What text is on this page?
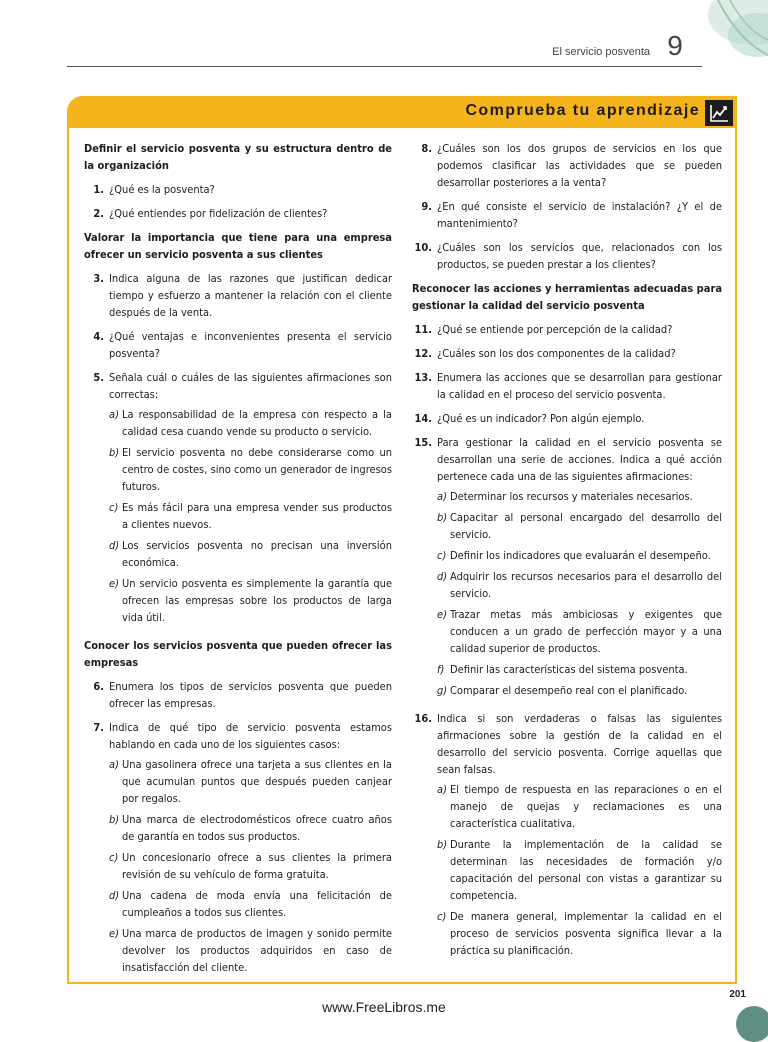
El servicio posventa 9
Comprueba tu aprendizaje
Definir el servicio posventa y su estructura dentro de la organización
1. ¿Qué es la posventa?
2. ¿Qué entiendes por fidelización de clientes?
Valorar la importancia que tiene para una empresa ofrecer un servicio posventa a sus clientes
3. Indica alguna de las razones que justifican dedicar tiempo y esfuerzo a mantener la relación con el cliente después de la venta.
4. ¿Qué ventajas e inconvenientes presenta el servicio posventa?
5. Señala cuál o cuáles de las siguientes afirmaciones son correctas:
a) La responsabilidad de la empresa con respecto a la calidad cesa cuando vende su producto o servicio.
b) El servicio posventa no debe considerarse como un centro de costes, sino como un generador de ingresos futuros.
c) Es más fácil para una empresa vender sus productos a clientes nuevos.
d) Los servicios posventa no precisan una inversión económica.
e) Un servicio posventa es simplemente la garantía que ofrecen las empresas sobre los productos de larga vida útil.
Conocer los servicios posventa que pueden ofrecer las empresas
6. Enumera los tipos de servicios posventa que pueden ofrecer las empresas.
7. Indica de qué tipo de servicio posventa estamos hablando en cada uno de los siguientes casos:
a) Una gasolinera ofrece una tarjeta a sus clientes en la que acumulan puntos que después pueden canjear por regalos.
b) Una marca de electrodomésticos ofrece cuatro años de garantía en todos sus productos.
c) Un concesionario ofrece a sus clientes la primera revisión de su vehículo de forma gratuita.
d) Una cadena de moda envía una felicitación de cumpleaños a todos sus clientes.
e) Una marca de productos de imagen y sonido permite devolver los productos adquiridos en caso de insatisfacción del cliente.
8. ¿Cuáles son los dos grupos de servicios en los que podemos clasificar las actividades que se pueden desarrollar posteriores a la venta?
9. ¿En qué consiste el servicio de instalación? ¿Y el de mantenimiento?
10. ¿Cuáles son los servicios que, relacionados con los productos, se pueden prestar a los clientes?
Reconocer las acciones y herramientas adecuadas para gestionar la calidad del servicio posventa
11. ¿Qué se entiende por percepción de la calidad?
12. ¿Cuáles son los dos componentes de la calidad?
13. Enumera las acciones que se desarrollan para gestionar la calidad en el proceso del servicio posventa.
14. ¿Qué es un indicador? Pon algún ejemplo.
15. Para gestionar la calidad en el servicio posventa se desarrollan una serie de acciones. Indica a qué acción pertenece cada una de las siguientes afirmaciones:
a) Determinar los recursos y materiales necesarios.
b) Capacitar al personal encargado del desarrollo del servicio.
c) Definir los indicadores que evaluarán el desempeño.
d) Adquirir los recursos necesarios para el desarrollo del servicio.
e) Trazar metas más ambiciosas y exigentes que conducen a un grado de perfección mayor y a una calidad superior de productos.
f) Definir las características del sistema posventa.
g) Comparar el desempeño real con el planificado.
16. Indica si son verdaderas o falsas las siguientes afirmaciones sobre la gestión de la calidad en el desarrollo del servicio posventa. Corrige aquellas que sean falsas.
a) El tiempo de respuesta en las reparaciones o en el manejo de quejas y reclamaciones es una característica cualitativa.
b) Durante la implementación de la calidad se determinan las necesidades de formación y/o capacitación del personal con vistas a garantizar su competencia.
c) De manera general, implementar la calidad en el proceso de servicios posventa significa llevar a la práctica su planificación.
www.FreeLibros.me
201
